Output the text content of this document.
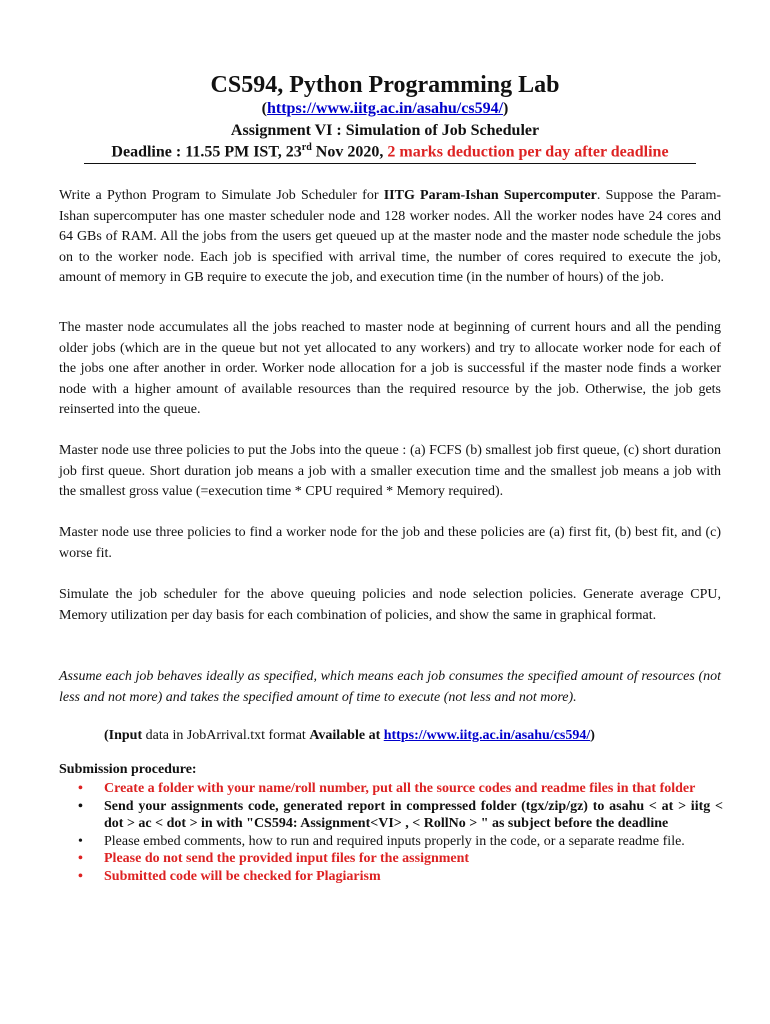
CS594, Python Programming Lab
(https://www.iitg.ac.in/asahu/cs594/)
Assignment VI : Simulation of Job Scheduler
Deadline : 11.55 PM IST, 23rd Nov 2020, 2 marks deduction per day after deadline
Write a Python Program to Simulate Job Scheduler for IITG Param-Ishan Supercomputer. Suppose the Param-Ishan supercomputer has one master scheduler node and 128 worker nodes. All the worker nodes have 24 cores and 64 GBs of RAM. All the jobs from the users get queued up at the master node and the master node schedule the jobs on to the worker node. Each job is specified with arrival time, the number of cores required to execute the job, amount of memory in GB require to execute the job, and execution time (in the number of hours) of the job.
The master node accumulates all the jobs reached to master node at beginning of current hours and all the pending older jobs (which are in the queue but not yet allocated to any workers) and try to allocate worker node for each of the jobs one after another in order. Worker node allocation for a job is successful if the master node finds a worker node with a higher amount of available resources than the required resource by the job. Otherwise, the job gets reinserted into the queue.
Master node use three policies to put the Jobs into the queue : (a) FCFS (b) smallest job first queue, (c) short duration job first queue. Short duration job means a job with a smaller execution time and the smallest job means a job with the smallest gross value (=execution time * CPU required * Memory required).
Master node use three policies to find a worker node for the job and these policies are (a) first fit, (b) best fit, and (c) worse fit.
Simulate the job scheduler for the above queuing policies and node selection policies. Generate average CPU, Memory utilization per day basis for each combination of policies, and show the same in graphical format.
Assume each job behaves ideally as specified, which means each job consumes the specified amount of resources (not less and not more) and takes the specified amount of time to execute (not less and not more).
(Input data in JobArrival.txt format Available at https://www.iitg.ac.in/asahu/cs594/)
Submission procedure:
• Create a folder with your name/roll number, put all the source codes and readme files in that folder
• Send your assignments code, generated report in compressed folder (tgx/zip/gz) to asahu < at > iitg < dot > ac < dot > in with "CS594: Assignment<VI> , < RollNo > " as subject before the deadline
• Please embed comments, how to run and required inputs properly in the code, or a separate readme file.
• Please do not send the provided input files for the assignment
• Submitted code will be checked for Plagiarism
